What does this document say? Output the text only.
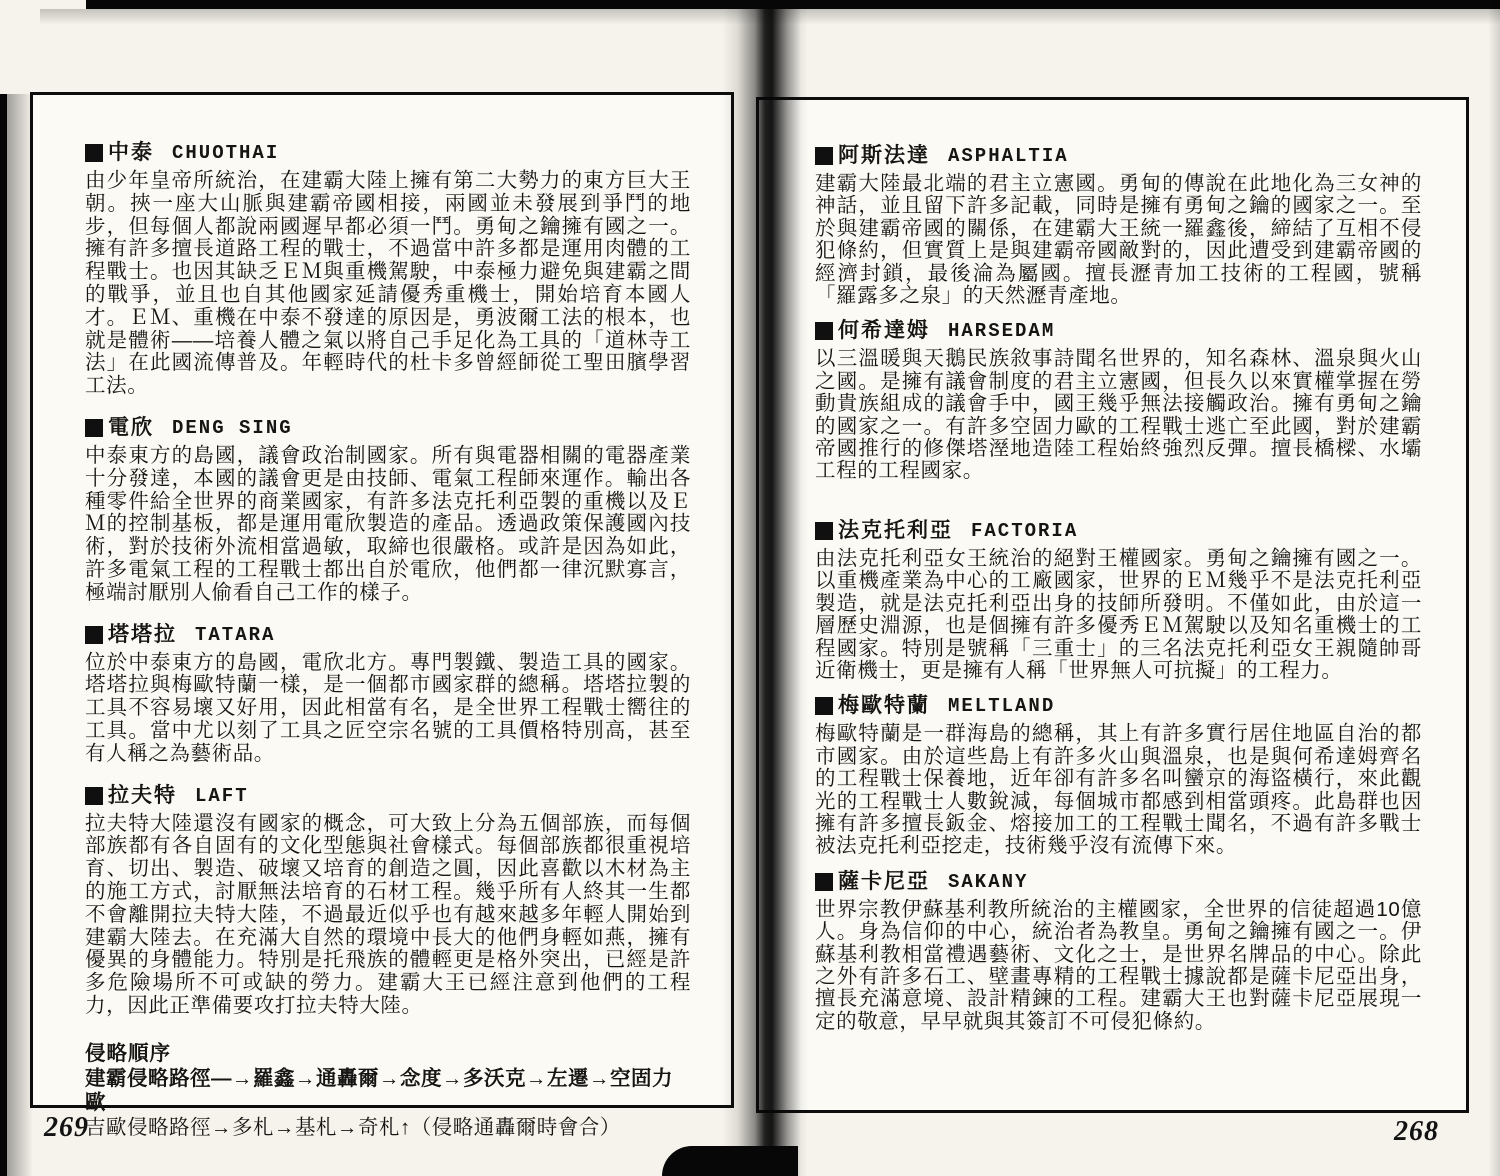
中泰 CHUOTHAI

由少年皇帝所統治，在建霸大陸上擁有第二大勢力的東方巨大王朝。挾一座大山脈與建霸帝國相接，兩國並未發展到爭鬥的地步，但每個人都說兩國遲早都必須一鬥。勇甸之鑰擁有國之一。擁有許多擅長道路工程的戰士，不過當中許多都是運用肉體的工程戰士。也因其缺乏ＥＭ與重機駕駛，中泰極力避免與建霸之間的戰爭，並且也自其他國家延請優秀重機士，開始培育本國人才。ＥＭ、重機在中泰不發達的原因是，勇波爾工法的根本，也就是體術——培養人體之氣以將自己手足化為工具的「道林寺工法」在此國流傳普及。年輕時代的杜卡多曾經師從工聖田臏學習工法。

電欣 DENG SING

中泰東方的島國，議會政治制國家。所有與電器相關的電器產業十分發達，本國的議會更是由技師、電氣工程師來運作。輸出各種零件給全世界的商業國家，有許多法克托利亞製的重機以及ＥＭ的控制基板，都是運用電欣製造的產品。透過政策保護國內技術，對於技術外流相當過敏，取締也很嚴格。或許是因為如此，許多電氣工程的工程戰士都出自於電欣，他們都一律沉默寡言，極端討厭別人偷看自己工作的樣子。

塔塔拉 TATARA

位於中泰東方的島國，電欣北方。專門製鐵、製造工具的國家。塔塔拉與梅歐特蘭一樣，是一個都市國家群的總稱。塔塔拉製的工具不容易壞又好用，因此相當有名，是全世界工程戰士嚮往的工具。當中尤以刻了工具之匠空宗名號的工具價格特別高，甚至有人稱之為藝術品。

拉夫特 LAFT

拉夫特大陸還沒有國家的概念，可大致上分為五個部族，而每個部族都有各自固有的文化型態與社會樣式。每個部族都很重視培育、切出、製造、破壞又培育的創造之圓，因此喜歡以木材為主的施工方式，討厭無法培育的石材工程。幾乎所有人終其一生都不會離開拉夫特大陸，不過最近似乎也有越來越多年輕人開始到建霸大陸去。在充滿大自然的環境中長大的他們身輕如燕，擁有優異的身體能力。特別是托飛族的體輕更是格外突出，已經是許多危險場所不可或缺的勞力。建霸大王已經注意到他們的工程力，因此正準備要攻打拉夫特大陸。

侵略順序

建霸侵略路徑—→羅鑫→通轟爾→念度→多沃克→左遷→空固力歐

吉歐侵略路徑→多札→基札→奇札↑（侵略通轟爾時會合）

阿斯法達 ASPHALTIA

建霸大陸最北端的君主立憲國。勇甸的傳說在此地化為三女神的神話，並且留下許多記載，同時是擁有勇甸之鑰的國家之一。至於與建霸帝國的關係，在建霸大王統一羅鑫後，締結了互相不侵犯條約，但實質上是與建霸帝國敵對的，因此遭受到建霸帝國的經濟封鎖，最後淪為屬國。擅長瀝青加工技術的工程國，號稱「羅露多之泉」的天然瀝青產地。

何希達姆 HARSEDAM

以三溫暖與天鵝民族敘事詩聞名世界的，知名森林、溫泉與火山之國。是擁有議會制度的君主立憲國，但長久以來實權掌握在勞動貴族組成的議會手中，國王幾乎無法接觸政治。擁有勇甸之鑰的國家之一。有許多空固力歐的工程戰士逃亡至此國，對於建霸帝國推行的修傑塔溼地造陸工程始終強烈反彈。擅長橋樑、水壩工程的工程國家。

法克托利亞 FACTORIA

由法克托利亞女王統治的絕對王權國家。勇甸之鑰擁有國之一。以重機產業為中心的工廠國家，世界的ＥＭ幾乎不是法克托利亞製造，就是法克托利亞出身的技師所發明。不僅如此，由於這一層歷史淵源，也是個擁有許多優秀ＥＭ駕駛以及知名重機士的工程國家。特別是號稱「三重士」的三名法克托利亞女王親隨帥哥近衛機士，更是擁有人稱「世界無人可抗擬」的工程力。

梅歐特蘭 MELTLAND

梅歐特蘭是一群海島的總稱，其上有許多實行居住地區自治的都市國家。由於這些島上有許多火山與溫泉，也是與何希達姆齊名的工程戰士保養地，近年卻有許多名叫蠻京的海盜橫行，來此觀光的工程戰士人數銳減，每個城市都感到相當頭疼。此島群也因擁有許多擅長鈑金、熔接加工的工程戰士聞名，不過有許多戰士被法克托利亞挖走，技術幾乎沒有流傳下來。

薩卡尼亞 SAKANY

世界宗教伊蘇基利教所統治的主權國家，全世界的信徒超過10億人。身為信仰的中心，統治者為教皇。勇甸之鑰擁有國之一。伊蘇基利教相當禮遇藝術、文化之士，是世界名牌品的中心。除此之外有許多石工、壁畫專精的工程戰士據說都是薩卡尼亞出身，擅長充滿意境、設計精鍊的工程。建霸大王也對薩卡尼亞展現一定的敬意，早早就與其簽訂不可侵犯條約。

269	268
